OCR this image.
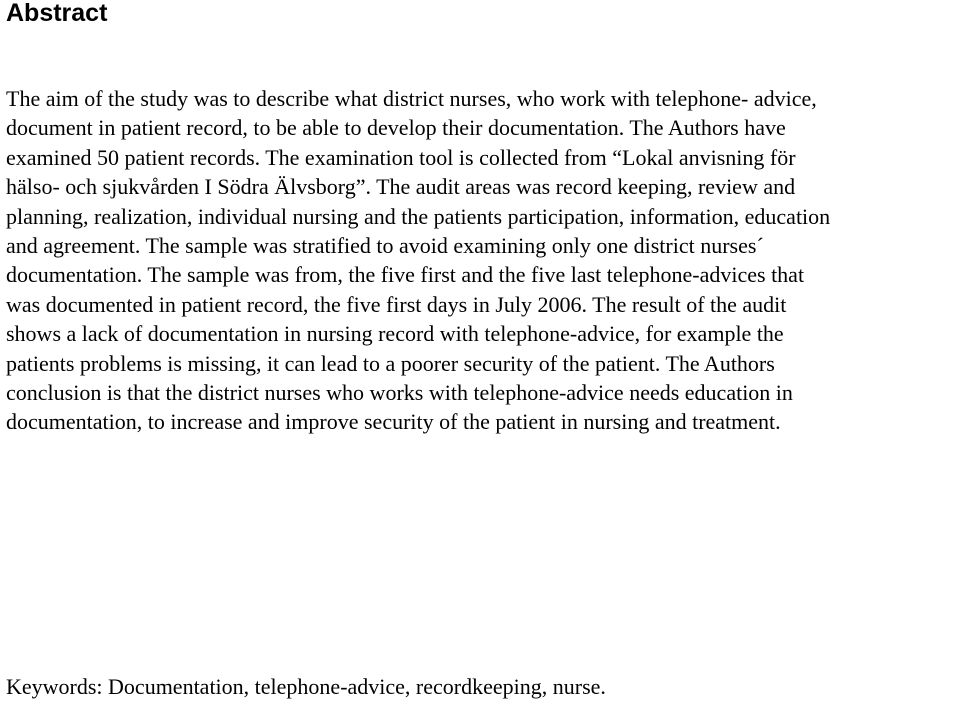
Abstract
The aim of the study was to describe what district nurses, who work with telephone- advice,
document in patient record, to be able to develop their documentation. The Authors have
examined 50 patient records. The examination tool is collected from “Lokal anvisning för
hälso- och sjukvården I Södra Älvsborg”. The audit areas was record keeping, review and
planning, realization, individual nursing and the patients participation, information, education
and agreement. The sample was stratified to avoid examining only one district nurses´
documentation. The sample was from, the five first and the five last telephone-advices that
was documented in patient record, the five first days in July 2006. The result of the audit
shows a lack of documentation in nursing record with telephone-advice, for example the
patients problems is missing, it can lead to a poorer security of the patient. The Authors
conclusion is that the district nurses who works with telephone-advice needs education in
documentation, to increase and improve security of the patient in nursing and treatment.
Keywords: Documentation, telephone-advice, recordkeeping, nurse.
